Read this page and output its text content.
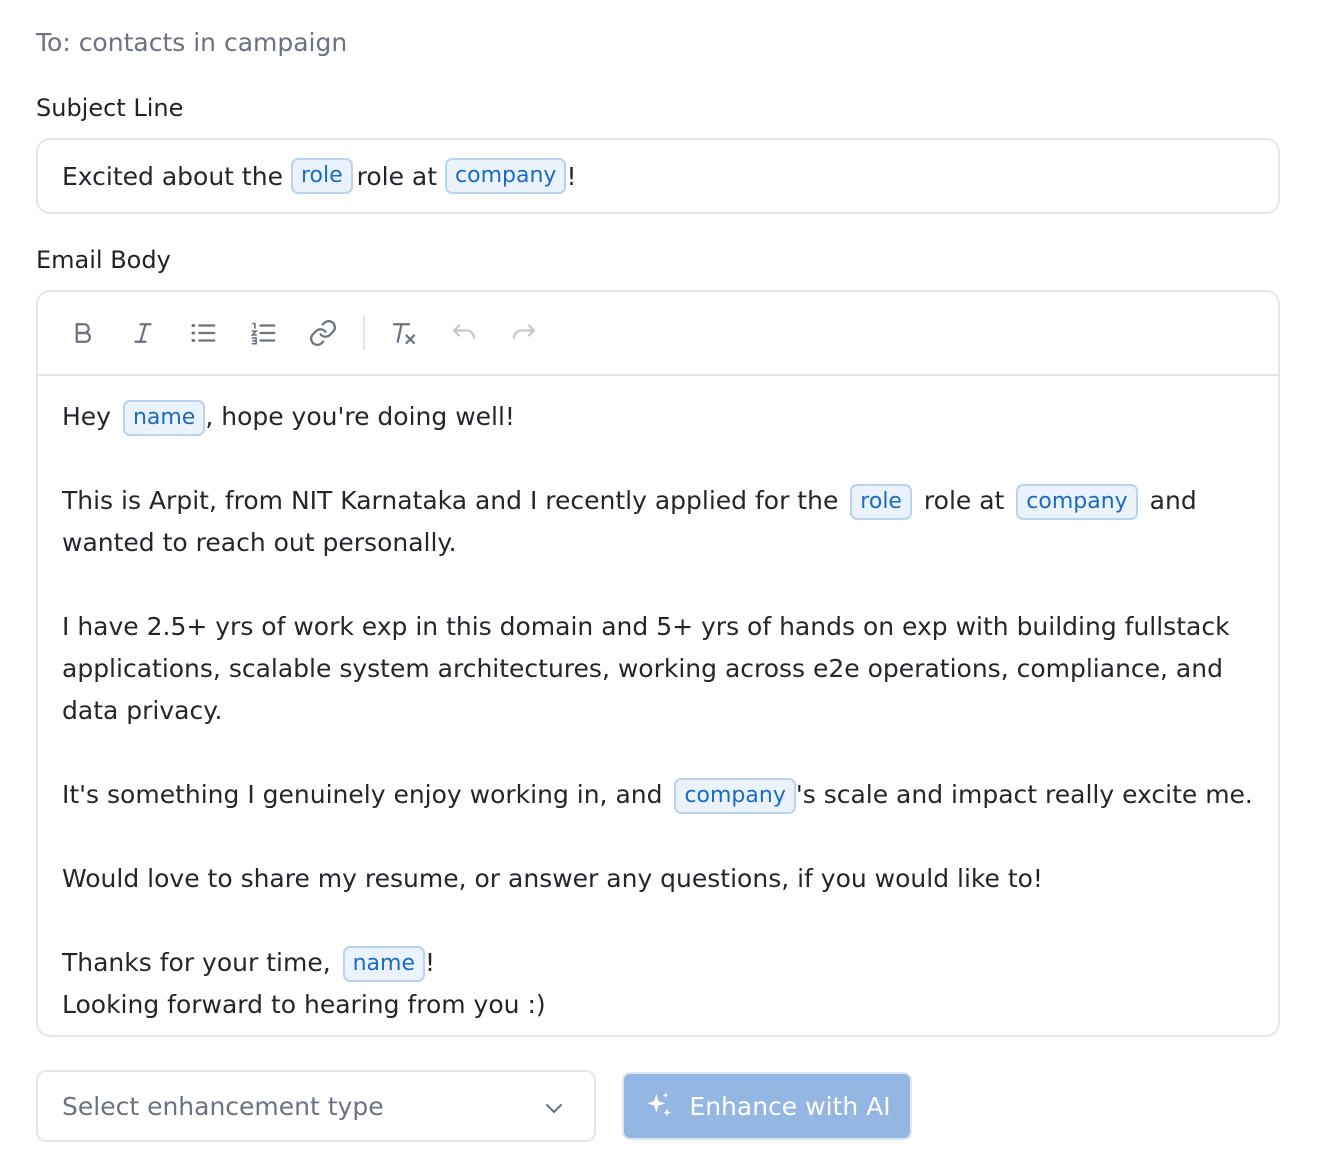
To: contacts in campaign
Subject Line
Excited about the role role at company !
Email Body

Hey name , hope you're doing well!

This is Arpit, from NIT Karnataka and I recently applied for the role role at company and wanted to reach out personally.

I have 2.5+ yrs of work exp in this domain and 5+ yrs of hands on exp with building fullstack applications, scalable system architectures, working across e2e operations, compliance, and data privacy.

It's something I genuinely enjoy working in, and company 's scale and impact really excite me.

Would love to share my resume, or answer any questions, if you would like to!

Thanks for your time, name !

Looking forward to hearing from you :)

Select enhancement type	Enhance with AI
